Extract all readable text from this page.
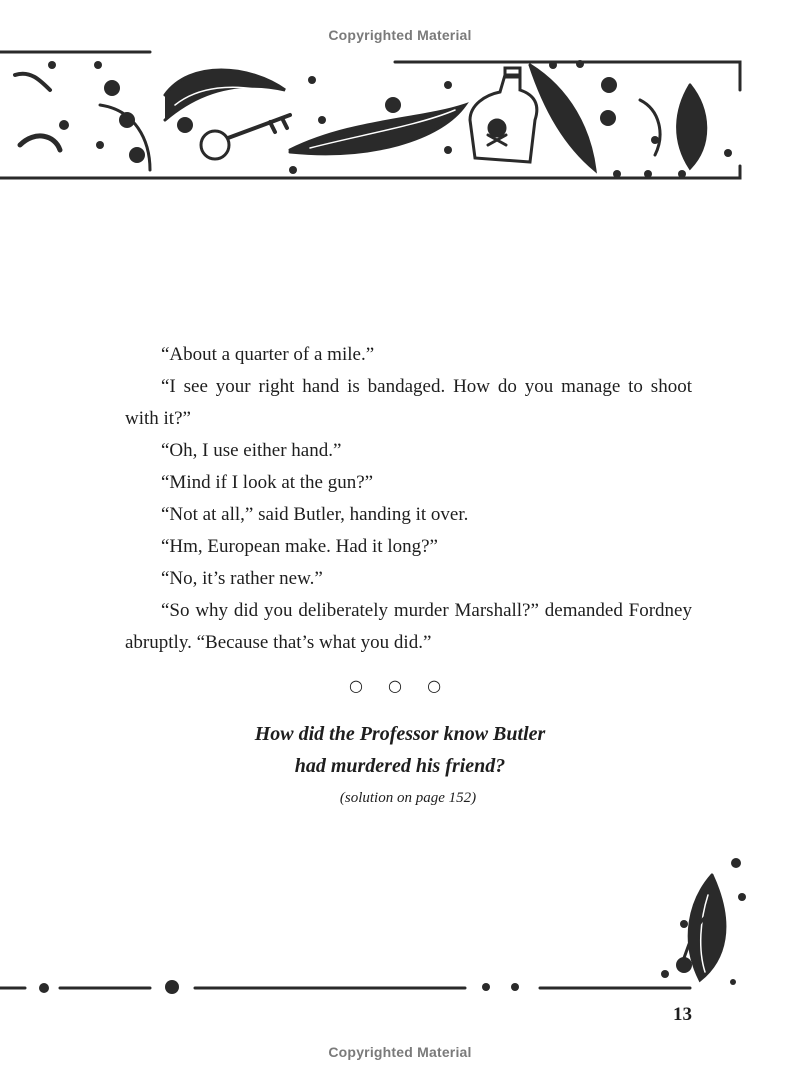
Copyrighted Material

“About a quarter of a mile.”

“I see your right hand is bandaged. How do you manage to shoot with it?”

“Oh, I use either hand.”

“Mind if I look at the gun?”

“Not at all,” said Butler, handing it over.

“Hm, European make. Had it long?”

“No, it’s rather new.”

“So why did you deliberately murder Marshall?” demanded Fordney abruptly. “Because that’s what you did.”

○ ○ ○
How did the Professor know Butler
had murdered his friend?
(solution on page 152)
13
Copyrighted Material
